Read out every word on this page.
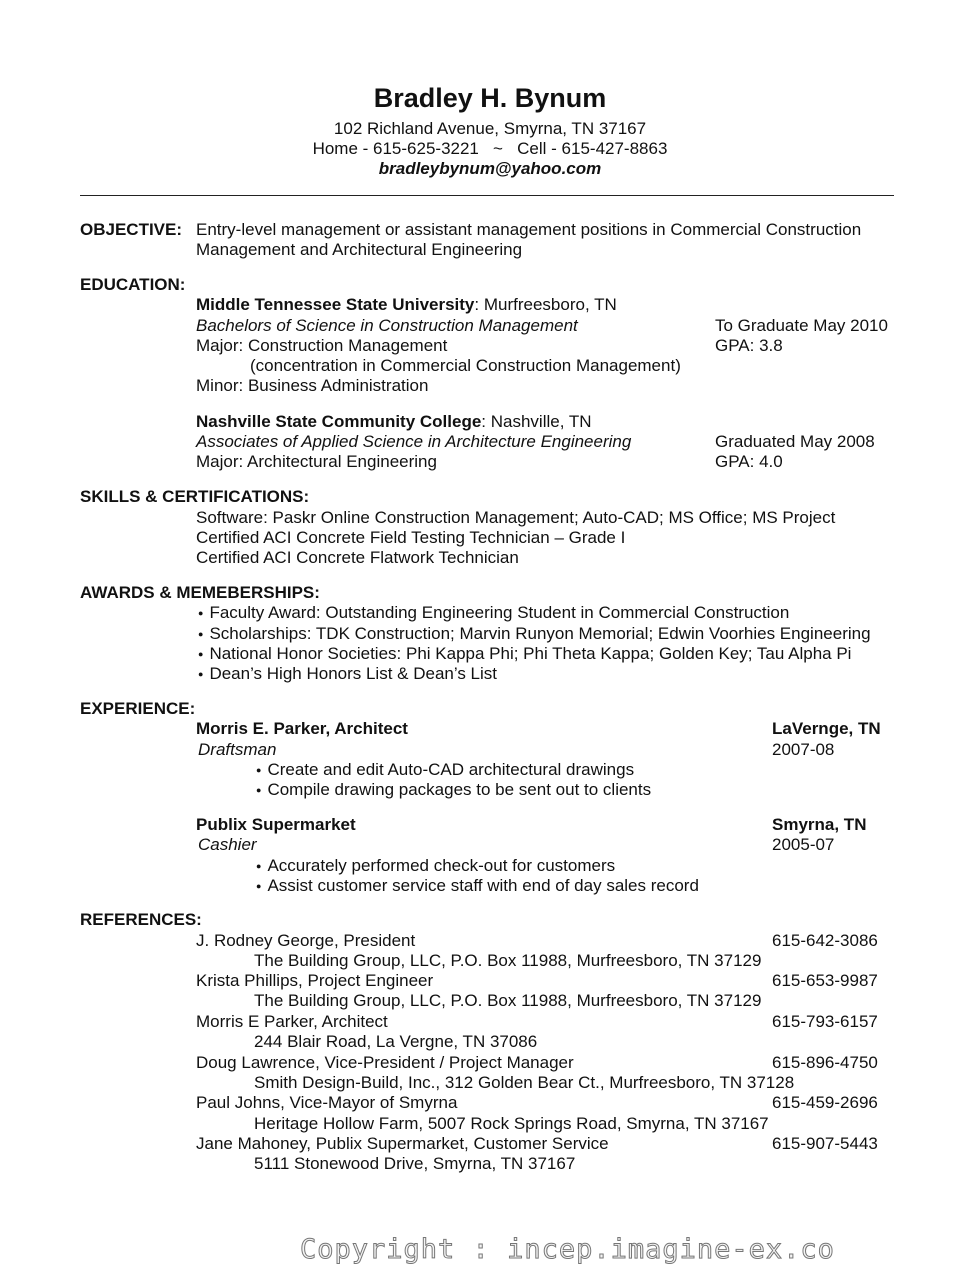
Bradley H. Bynum
102 Richland Avenue, Smyrna, TN 37167
Home - 615-625-3221   ~   Cell - 615-427-8863
bradleybynum@yahoo.com
OBJECTIVE: Entry-level management or assistant management positions in Commercial Construction
Management and Architectural Engineering
EDUCATION:
Middle Tennessee State University: Murfreesboro, TN
Bachelors of Science in Construction Management	To Graduate May 2010
Major: Construction Management	GPA: 3.8
(concentration in Commercial Construction Management)
Minor: Business Administration
Nashville State Community College: Nashville, TN
Associates of Applied Science in Architecture Engineering	Graduated May 2008
Major: Architectural Engineering	GPA: 4.0
SKILLS & CERTIFICATIONS:
Software: Paskr Online Construction Management; Auto-CAD; MS Office; MS Project
Certified ACI Concrete Field Testing Technician – Grade I
Certified ACI Concrete Flatwork Technician
AWARDS & MEMEBERSHIPS:
● Faculty Award: Outstanding Engineering Student in Commercial Construction
● Scholarships: TDK Construction; Marvin Runyon Memorial; Edwin Voorhies Engineering
● National Honor Societies: Phi Kappa Phi; Phi Theta Kappa; Golden Key; Tau Alpha Pi
● Dean’s High Honors List & Dean’s List
EXPERIENCE:
Morris E. Parker, Architect	LaVernge, TN
Draftsman	2007-08
● Create and edit Auto-CAD architectural drawings
● Compile drawing packages to be sent out to clients
Publix Supermarket	Smyrna, TN
Cashier	2005-07
● Accurately performed check-out for customers
● Assist customer service staff with end of day sales record
REFERENCES:
J. Rodney George, President	615-642-3086
The Building Group, LLC, P.O. Box 11988, Murfreesboro, TN 37129
Krista Phillips, Project Engineer	615-653-9987
The Building Group, LLC, P.O. Box 11988, Murfreesboro, TN 37129
Morris E Parker, Architect	615-793-6157
244 Blair Road, La Vergne, TN 37086
Doug Lawrence, Vice-President / Project Manager	615-896-4750
Smith Design-Build, Inc., 312 Golden Bear Ct., Murfreesboro, TN 37128
Paul Johns, Vice-Mayor of Smyrna	615-459-2696
Heritage Hollow Farm, 5007 Rock Springs Road, Smyrna, TN 37167
Jane Mahoney, Publix Supermarket, Customer Service	615-907-5443
5111 Stonewood Drive, Smyrna, TN 37167
Copyright : incep.imagine-ex.co
